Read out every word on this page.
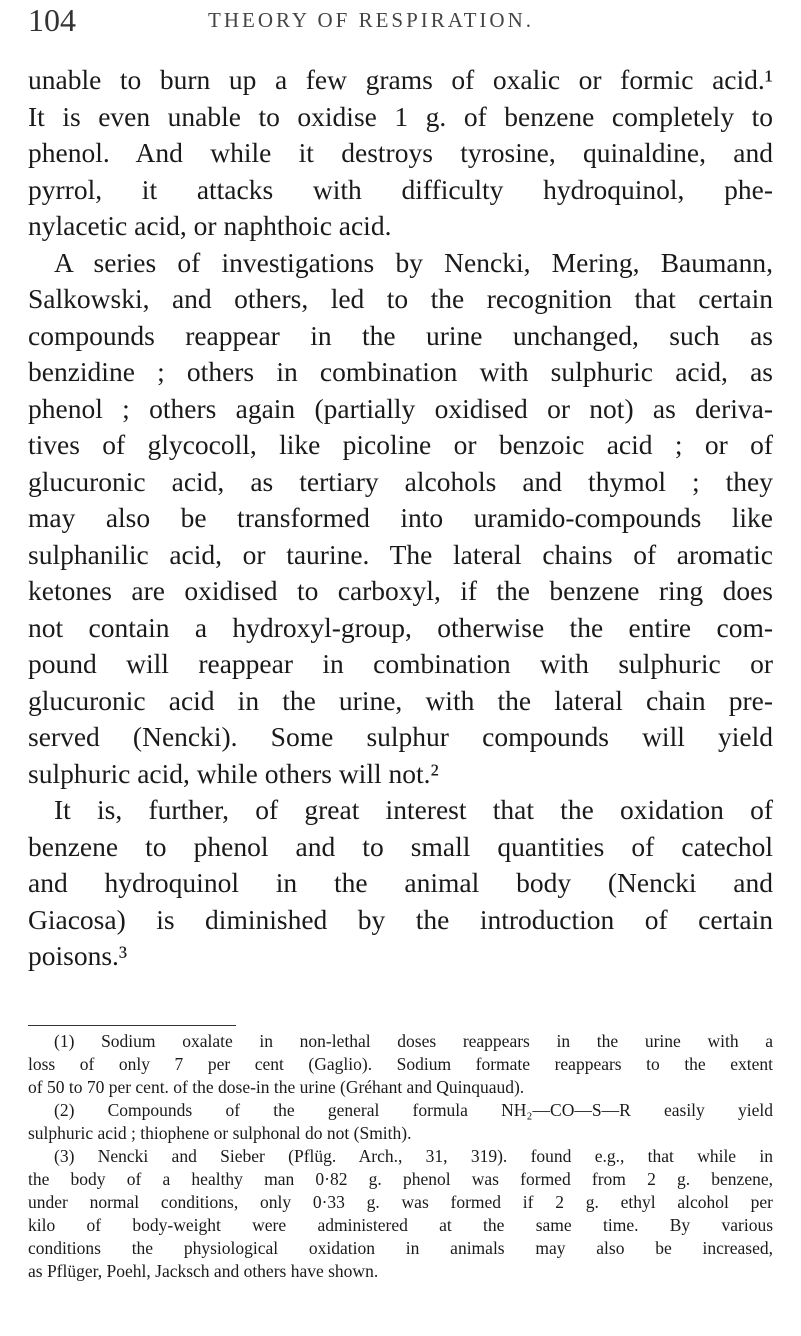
104	THEORY OF RESPIRATION.
unable to burn up a few grams of oxalic or formic acid.¹
It is even unable to oxidise 1 g. of benzene completely to
phenol. And while it destroys tyrosine, quinaldine, and
pyrrol, it attacks with difficulty hydroquinol, phe-
nylacetic acid, or naphthoic acid.
A series of investigations by Nencki, Mering, Baumann,
Salkowski, and others, led to the recognition that certain
compounds reappear in the urine unchanged, such as
benzidine ; others in combination with sulphuric acid, as
phenol ; others again (partially oxidised or not) as deriva-
tives of glycocoll, like picoline or benzoic acid ; or of
glucuronic acid, as tertiary alcohols and thymol ; they
may also be transformed into uramido-compounds like
sulphanilic acid, or taurine. The lateral chains of aromatic
ketones are oxidised to carboxyl, if the benzene ring does
not contain a hydroxyl-group, otherwise the entire com-
pound will reappear in combination with sulphuric or
glucuronic acid in the urine, with the lateral chain pre-
served (Nencki). Some sulphur compounds will yield
sulphuric acid, while others will not.²
It is, further, of great interest that the oxidation of
benzene to phenol and to small quantities of catechol
and hydroquinol in the animal body (Nencki and
Giacosa) is diminished by the introduction of certain
poisons.³
(1) Sodium oxalate in non-lethal doses reappears in the urine with a
loss of only 7 per cent (Gaglio). Sodium formate reappears to the extent
of 50 to 70 per cent. of the dose-in the urine (Gréhant and Quinquaud).
(2) Compounds of the general formula NH₂—CO—S—R easily yield
sulphuric acid ; thiophene or sulphonal do not (Smith).
(3) Nencki and Sieber (Pflüg. Arch., 31, 319). found e.g., that while in
the body of a healthy man 0·82 g. phenol was formed from 2 g. benzene,
under normal conditions, only 0·33 g. was formed if 2 g. ethyl alcohol per
kilo of body-weight were administered at the same time. By various
conditions the physiological oxidation in animals may also be increased,
as Pflüger, Poehl, Jacksch and others have shown.
